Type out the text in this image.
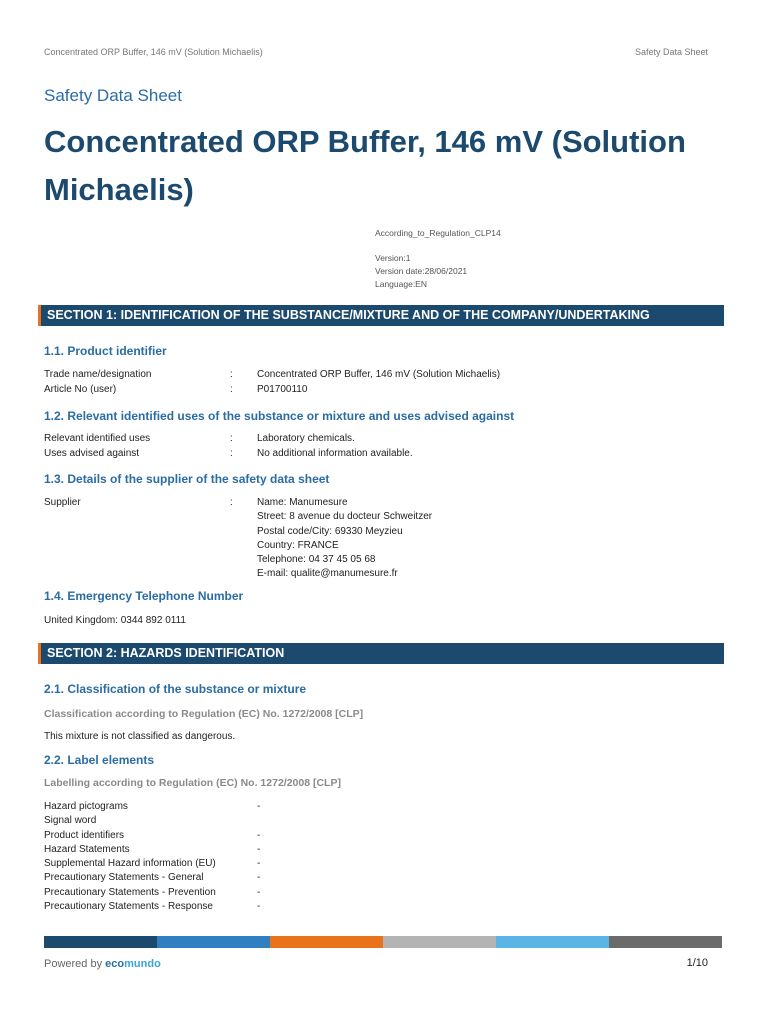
Concentrated ORP Buffer, 146 mV (Solution Michaelis)	Safety Data Sheet
Safety Data Sheet
Concentrated ORP Buffer, 146 mV (Solution Michaelis)
According_to_Regulation_CLP14
Version:1
Version date:28/06/2021
Language:EN
SECTION 1: IDENTIFICATION OF THE SUBSTANCE/MIXTURE AND OF THE COMPANY/UNDERTAKING
1.1. Product identifier
Trade name/designation	: Concentrated ORP Buffer, 146 mV (Solution Michaelis)
Article No (user)	: P01700110
1.2. Relevant identified uses of the substance or mixture and uses advised against
Relevant identified uses	: Laboratory chemicals.
Uses advised against	: No additional information available.
1.3. Details of the supplier of the safety data sheet
Supplier	: Name: Manumesure
Street: 8 avenue du docteur Schweitzer
Postal code/City: 69330 Meyzieu
Country: FRANCE
Telephone: 04 37 45 05 68
E-mail: qualite@manumesure.fr
1.4. Emergency Telephone Number
United Kingdom: 0344 892 0111
SECTION 2: HAZARDS IDENTIFICATION
2.1. Classification of the substance or mixture
Classification according to Regulation (EC) No. 1272/2008 [CLP]
This mixture is not classified as dangerous.
2.2. Label elements
Labelling according to Regulation (EC) No. 1272/2008 [CLP]
Hazard pictograms	-
Signal word
Product identifiers	-
Hazard Statements	-
Supplemental Hazard information (EU)	-
Precautionary Statements - General	-
Precautionary Statements - Prevention	-
Precautionary Statements - Response	-
Powered by ecomundo	1/10
